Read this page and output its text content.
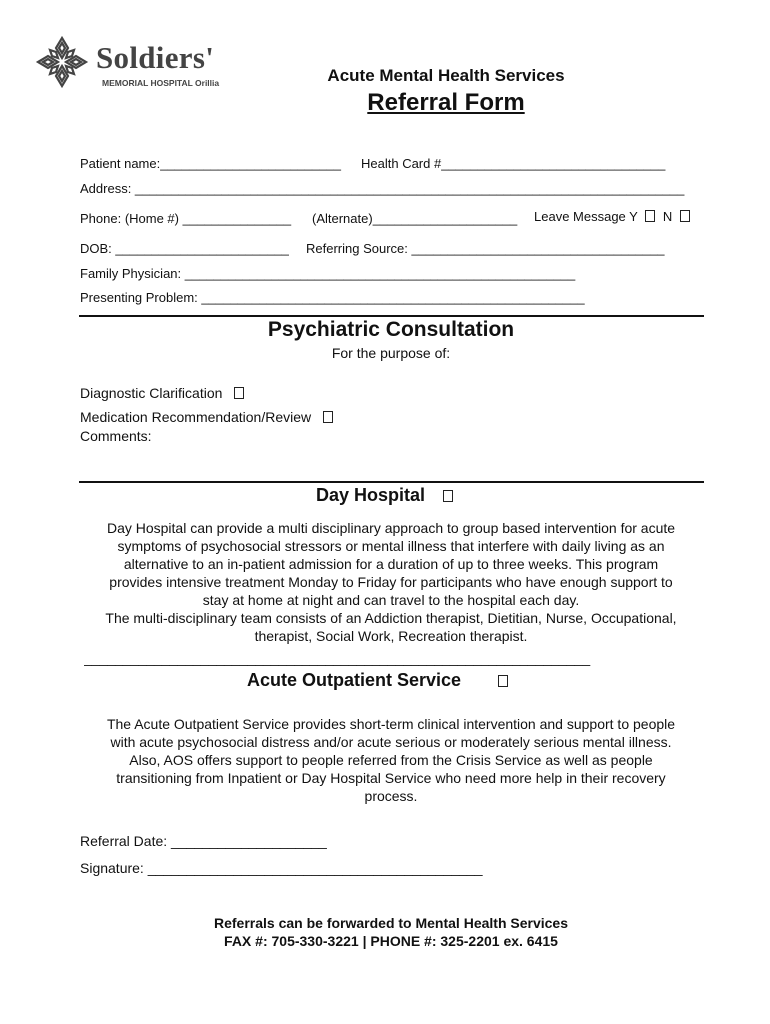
Soldiers'
MEMORIAL HOSPITAL Orillia	Acute Mental Health Services
Referral Form
Patient name:_________________________ Health Card #_______________________________
Address: ____________________________________________________________________________
Phone: (Home #) _______________ (Alternate)____________________ Leave Message Y N
DOB: ________________________ Referring Source: ___________________________________
Family Physician: ______________________________________________________
Presenting Problem: _____________________________________________________
Psychiatric Consultation
For the purpose of:
Diagnostic Clarification
Medication Recommendation/Review
Comments:
Day Hospital
Day Hospital can provide a multi disciplinary approach to group based intervention for acute
symptoms of psychosocial stressors or mental illness that interfere with daily living as an
alternative to an in-patient admission for a duration of up to three weeks. This program
provides intensive treatment Monday to Friday for participants who have enough support to
stay at home at night and can travel to the hospital each day.
The multi-disciplinary team consists of an Addiction therapist, Dietitian, Nurse, Occupational,
therapist, Social Work, Recreation therapist.
_________________________________________________________________
Acute Outpatient Service
The Acute Outpatient Service provides short-term clinical intervention and support to people
with acute psychosocial distress and/or acute serious or moderately serious mental illness.
Also, AOS offers support to people referred from the Crisis Service as well as people
transitioning from Inpatient or Day Hospital Service who need more help in their recovery
process.
Referral Date: ____________________
Signature: ___________________________________________
Referrals can be forwarded to Mental Health Services
FAX #: 705-330-3221 | PHONE #: 325-2201 ex. 6415
